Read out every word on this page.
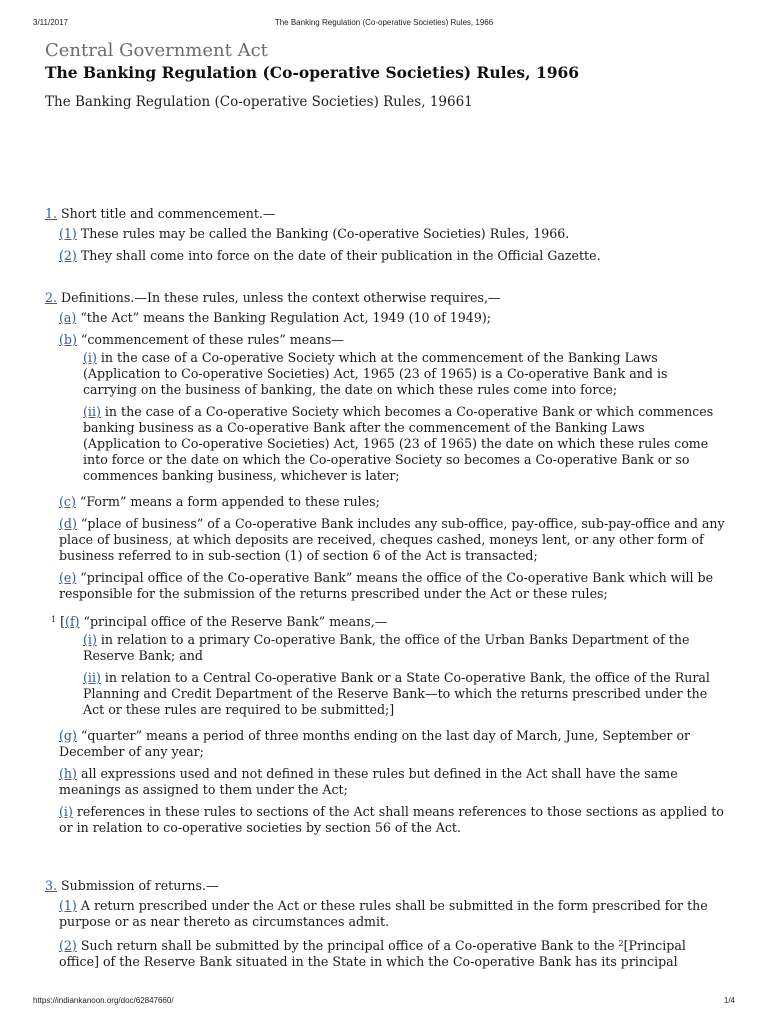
3/11/2017	The Banking Regulation (Co-operative Societies) Rules, 1966
Central Government Act
The Banking Regulation (Co-operative Societies) Rules, 1966
The Banking Regulation (Co-operative Societies) Rules, 19661
1. Short title and commencement.—
(1) These rules may be called the Banking (Co-operative Societies) Rules, 1966.
(2) They shall come into force on the date of their publication in the Official Gazette.
2. Definitions.—In these rules, unless the context otherwise requires,—
(a) “the Act” means the Banking Regulation Act, 1949 (10 of 1949);
(b) “commencement of these rules” means—
(i) in the case of a Co-operative Society which at the commencement of the Banking Laws (Application to Co-operative Societies) Act, 1965 (23 of 1965) is a Co-operative Bank and is carrying on the business of banking, the date on which these rules come into force;
(ii) in the case of a Co-operative Society which becomes a Co-operative Bank or which commences banking business as a Co-operative Bank after the commencement of the Banking Laws (Application to Co-operative Societies) Act, 1965 (23 of 1965) the date on which these rules come into force or the date on which the Co-operative Society so becomes a Co-operative Bank or so commences banking business, whichever is later;
(c) “Form” means a form appended to these rules;
(d) “place of business” of a Co-operative Bank includes any sub-office, pay-office, sub-pay-office and any place of business, at which deposits are received, cheques cashed, moneys lent, or any other form of business referred to in sub-section (1) of section 6 of the Act is transacted;
(e) “principal office of the Co-operative Bank” means the office of the Co-operative Bank which will be responsible for the submission of the returns prescribed under the Act or these rules;
$^1$ [(f) “principal office of the Reserve Bank” means,—
(i) in relation to a primary Co-operative Bank, the office of the Urban Banks Department of the Reserve Bank; and
(ii) in relation to a Central Co-operative Bank or a State Co-operative Bank, the office of the Rural Planning and Credit Department of the Reserve Bank—to which the returns prescribed under the Act or these rules are required to be submitted;]
(g) “quarter” means a period of three months ending on the last day of March, June, September or December of any year;
(h) all expressions used and not defined in these rules but defined in the Act shall have the same meanings as assigned to them under the Act;
(i) references in these rules to sections of the Act shall means references to those sections as applied to or in relation to co-operative societies by section 56 of the Act.
3. Submission of returns.—
(1) A return prescribed under the Act or these rules shall be submitted in the form prescribed for the purpose or as near thereto as circumstances admit.
(2) Such return shall be submitted by the principal office of a Co-operative Bank to the $^2$[Principal office] of the Reserve Bank situated in the State in which the Co-operative Bank has its principal
https://indiankanoon.org/doc/62847660/	1/4
